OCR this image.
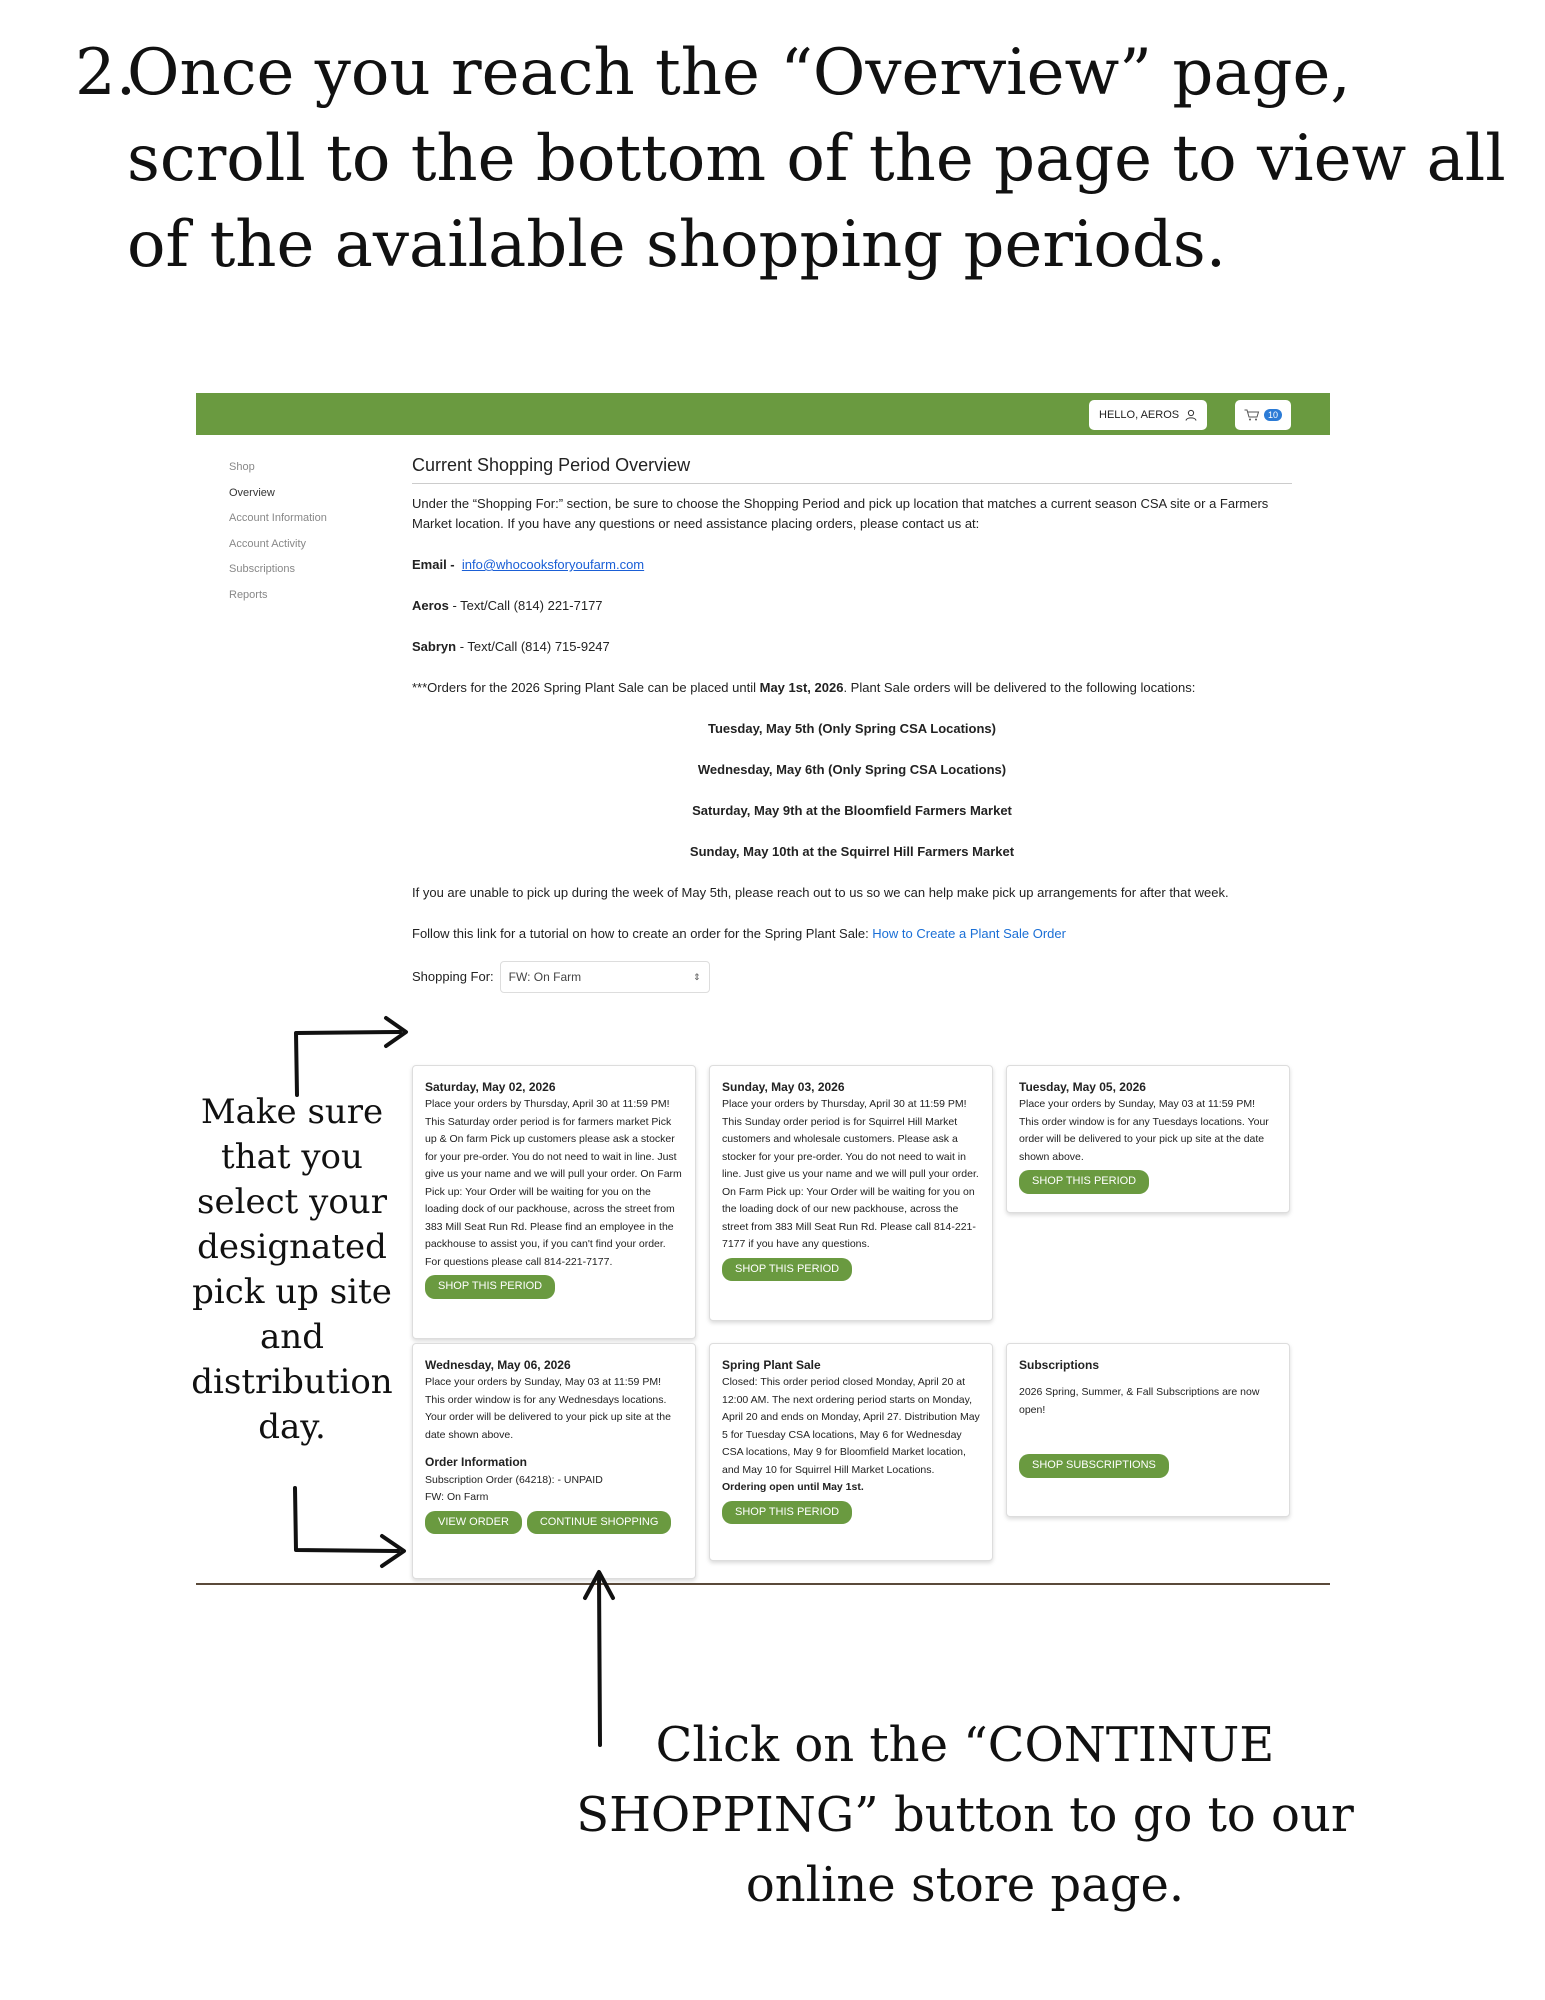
2.
Once you reach the “Overview” page, scroll to the bottom of the page to view all of the available shopping periods.
HELLO, AEROS	10
Shop
Overview
Account Information
Account Activity
Subscriptions
Reports
Current Shopping Period Overview

Under the “Shopping For:” section, be sure to choose the Shopping Period and pick up location that matches a current season CSA site or a Farmers Market location. If you have any questions or need assistance placing orders, please contact us at:

Email - info@whocooksforyoufarm.com

Aeros - Text/Call (814) 221-7177

Sabryn - Text/Call (814) 715-9247

***Orders for the 2026 Spring Plant Sale can be placed until May 1st, 2026. Plant Sale orders will be delivered to the following locations:

Tuesday, May 5th (Only Spring CSA Locations)
Wednesday, May 6th (Only Spring CSA Locations)
Saturday, May 9th at the Bloomfield Farmers Market
Sunday, May 10th at the Squirrel Hill Farmers Market

If you are unable to pick up during the week of May 5th, please reach out to us so we can help make pick up arrangements for after that week.

Follow this link for a tutorial on how to create an order for the Spring Plant Sale: How to Create a Plant Sale Order

Shopping For: FW: On Farm	⇕
Saturday, May 02, 2026
Place your orders by Thursday, April 30 at 11:59 PM! This Saturday order period is for farmers market Pick up & On farm Pick up customers please ask a stocker for your pre-order. You do not need to wait in line. Just give us your name and we will pull your order. On Farm Pick up: Your Order will be waiting for you on the loading dock of our packhouse, across the street from 383 Mill Seat Run Rd. Please find an employee in the packhouse to assist you, if you can't find your order. For questions please call 814-221-7177.
SHOP THIS PERIOD
Sunday, May 03, 2026
Place your orders by Thursday, April 30 at 11:59 PM! This Sunday order period is for Squirrel Hill Market customers and wholesale customers. Please ask a stocker for your pre-order. You do not need to wait in line. Just give us your name and we will pull your order. On Farm Pick up: Your Order will be waiting for you on the loading dock of our new packhouse, across the street from 383 Mill Seat Run Rd. Please call 814-221-7177 if you have any questions.
SHOP THIS PERIOD
Tuesday, May 05, 2026
Place your orders by Sunday, May 03 at 11:59 PM! This order window is for any Tuesdays locations. Your order will be delivered to your pick up site at the date shown above.
SHOP THIS PERIOD
Wednesday, May 06, 2026
Place your orders by Sunday, May 03 at 11:59 PM! This order window is for any Wednesdays locations. Your order will be delivered to your pick up site at the date shown above.
Order Information
Subscription Order (64218): - UNPAID
FW: On Farm
VIEW ORDER	CONTINUE SHOPPING
Spring Plant Sale
Closed: This order period closed Monday, April 20 at 12:00 AM. The next ordering period starts on Monday, April 20 and ends on Monday, April 27. Distribution May 5 for Tuesday CSA locations, May 6 for Wednesday CSA locations, May 9 for Bloomfield Market location, and May 10 for Squirrel Hill Market Locations. Ordering open until May 1st.
SHOP THIS PERIOD
Subscriptions
2026 Spring, Summer, & Fall Subscriptions are now open!
SHOP SUBSCRIPTIONS
Make sure that you select your designated pick up site and distribution day.
Click on the “CONTINUE SHOPPING” button to go to our online store page.
